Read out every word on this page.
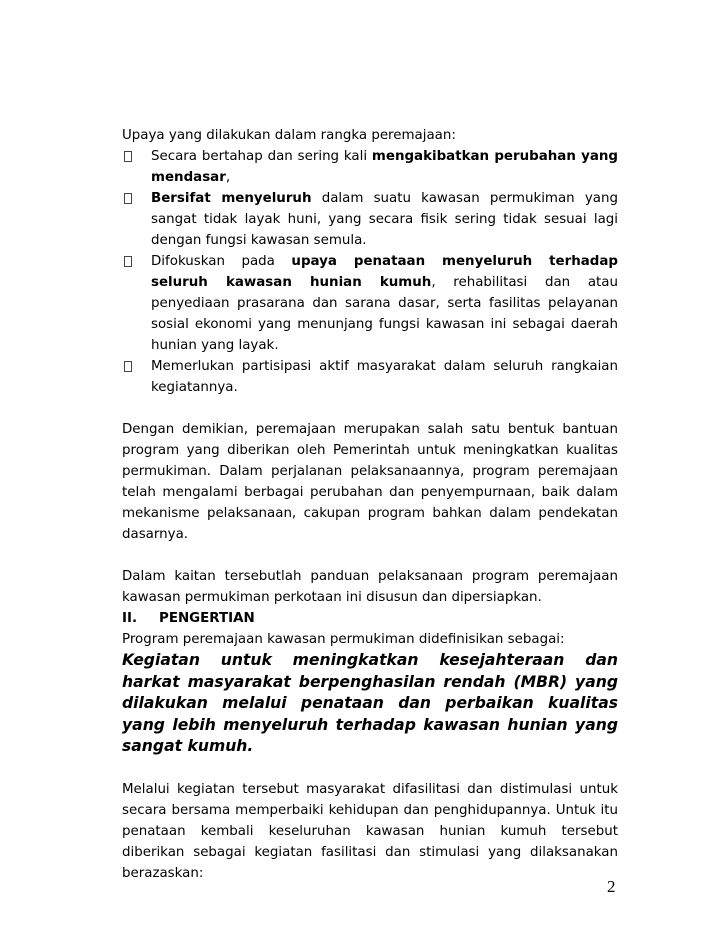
Upaya yang dilakukan dalam rangka peremajaan:

Secara bertahap dan sering kali mengakibatkan perubahan yang mendasar,
Bersifat menyeluruh dalam suatu kawasan permukiman yang sangat tidak layak huni, yang secara fisik sering tidak sesuai lagi dengan fungsi kawasan semula.
Difokuskan pada upaya penataan menyeluruh terhadap seluruh kawasan hunian kumuh, rehabilitasi dan atau penyediaan prasarana dan sarana dasar, serta fasilitas pelayanan sosial ekonomi yang menunjang fungsi kawasan ini sebagai daerah hunian yang layak.
Memerlukan partisipasi aktif masyarakat dalam seluruh rangkaian kegiatannya.

Dengan demikian, peremajaan merupakan salah satu bentuk bantuan program yang diberikan oleh Pemerintah untuk meningkatkan kualitas permukiman. Dalam perjalanan pelaksanaannya, program peremajaan telah mengalami berbagai perubahan dan penyempurnaan, baik dalam mekanisme pelaksanaan, cakupan program bahkan dalam pendekatan dasarnya.

Dalam kaitan tersebutlah panduan pelaksanaan program peremajaan kawasan permukiman perkotaan ini disusun dan dipersiapkan.

II. PENGERTIAN

Program peremajaan kawasan permukiman didefinisikan sebagai:

Kegiatan untuk meningkatkan kesejahteraan dan harkat masyarakat berpenghasilan rendah (MBR) yang dilakukan melalui penataan dan perbaikan kualitas yang lebih menyeluruh terhadap kawasan hunian yang sangat kumuh.

Melalui kegiatan tersebut masyarakat difasilitasi dan distimulasi untuk secara bersama memperbaiki kehidupan dan penghidupannya. Untuk itu penataan kembali keseluruhan kawasan hunian kumuh tersebut diberikan sebagai kegiatan fasilitasi dan stimulasi yang dilaksanakan berazaskan:

2
